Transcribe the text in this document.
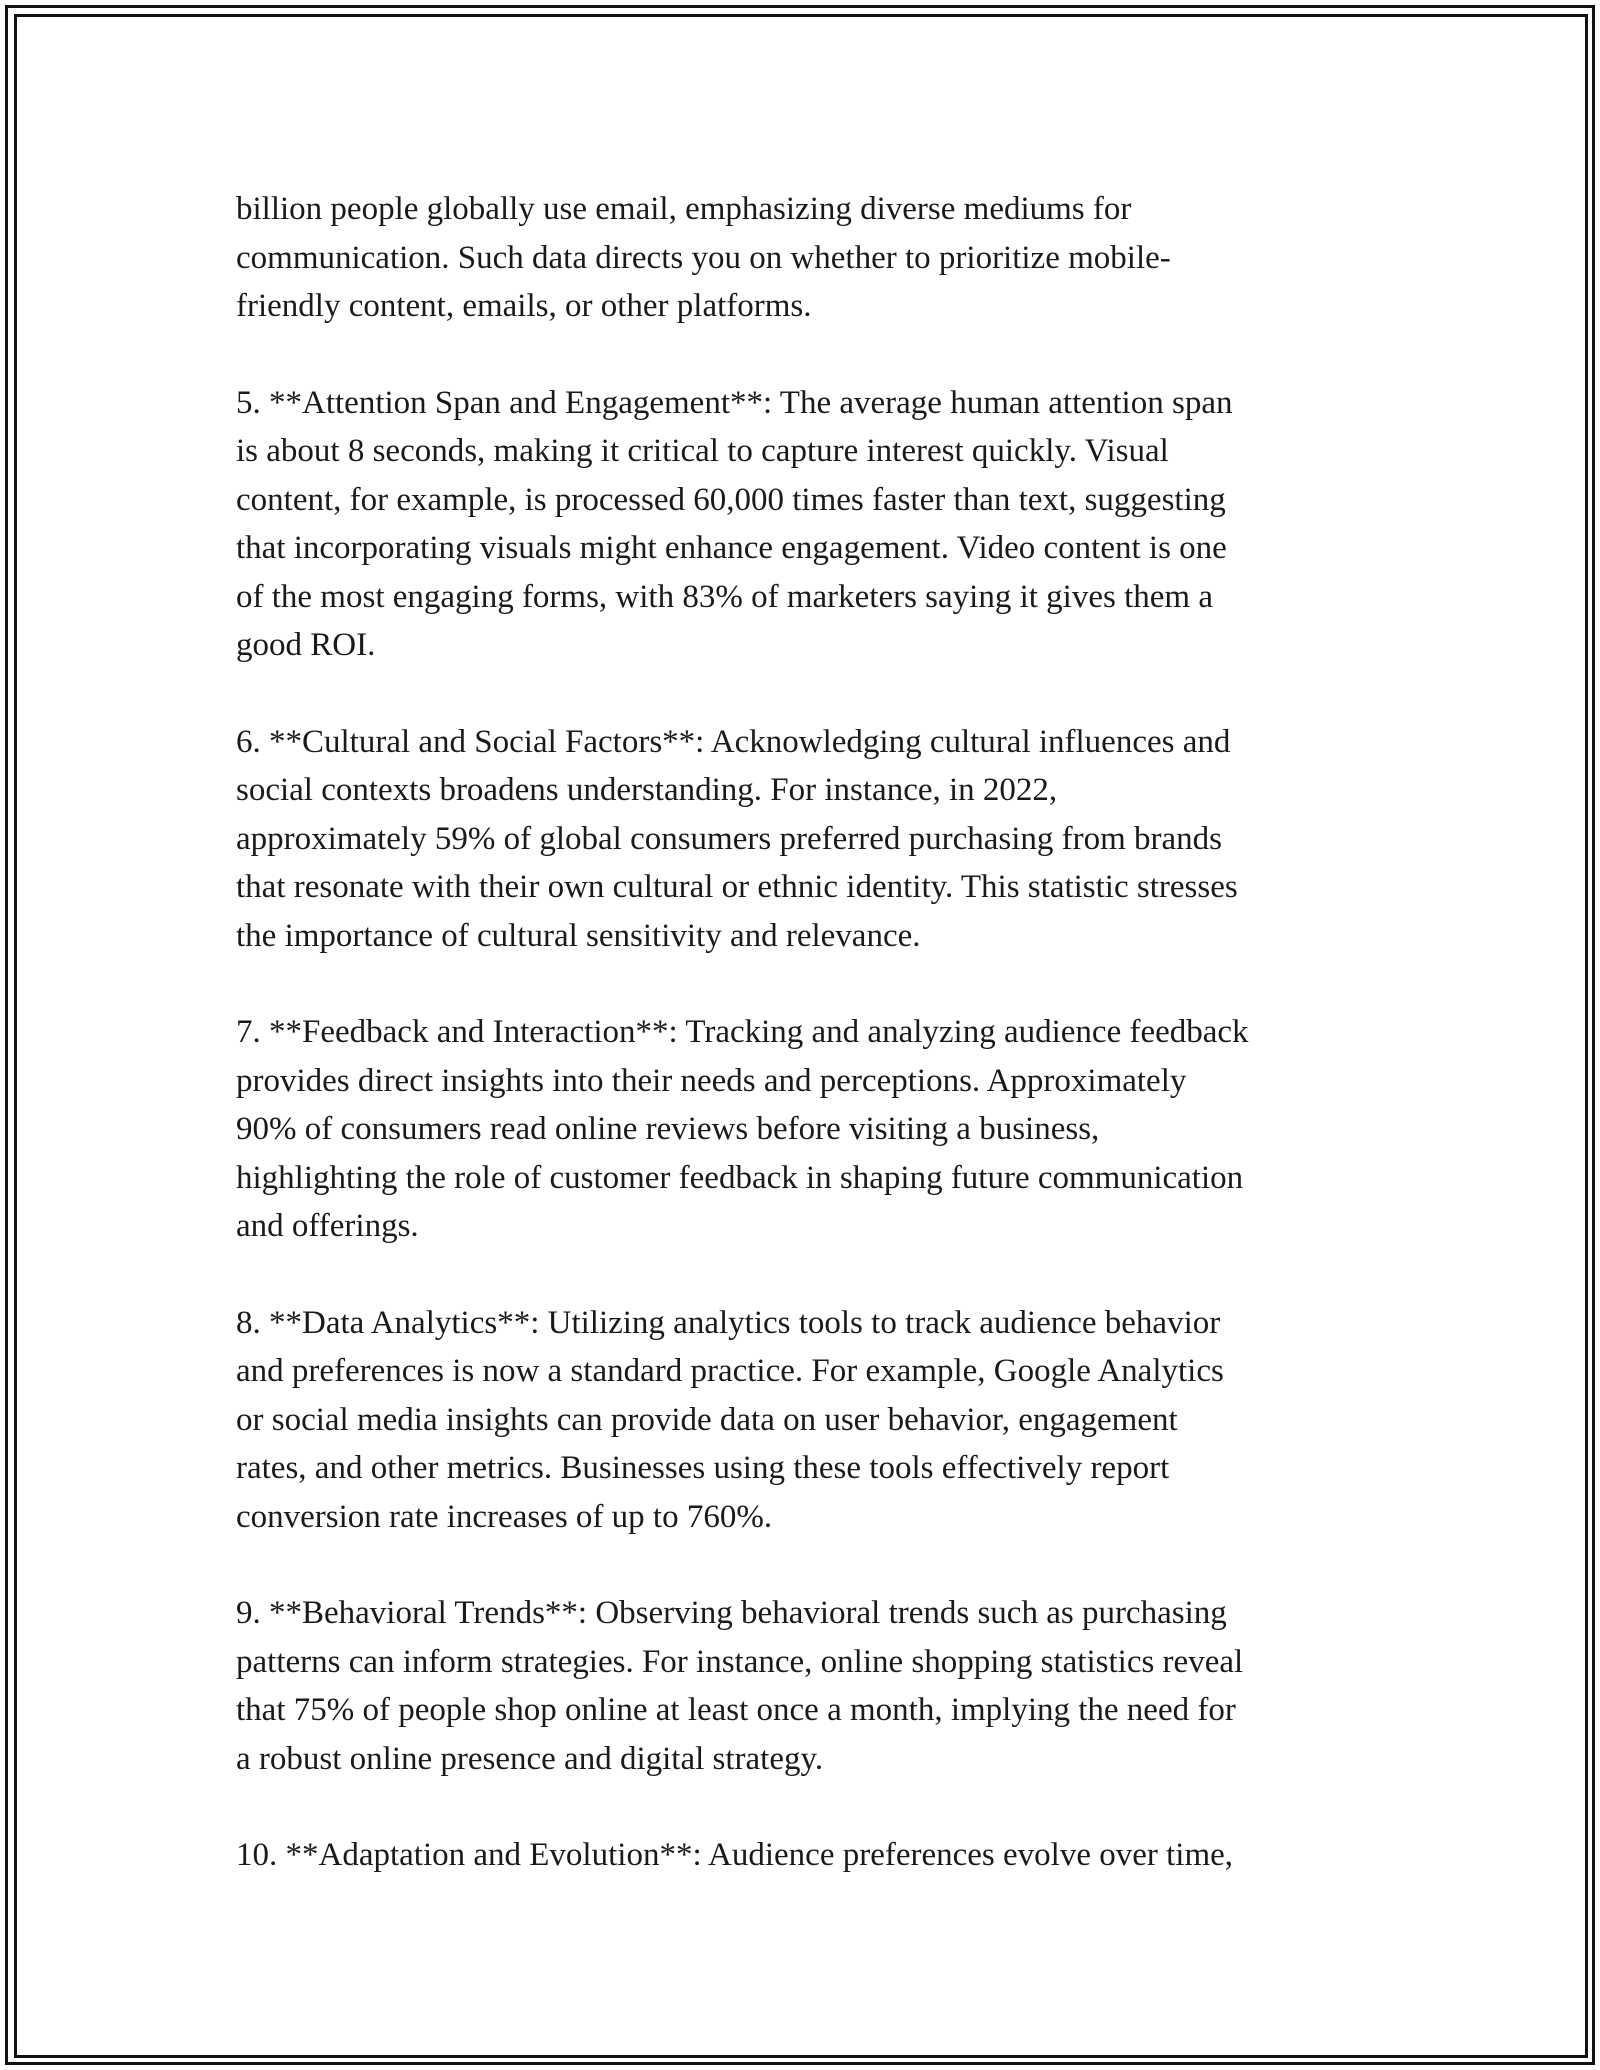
billion people globally use email, emphasizing diverse mediums for
communication. Such data directs you on whether to prioritize mobile-
friendly content, emails, or other platforms.

5. **Attention Span and Engagement**: The average human attention span
is about 8 seconds, making it critical to capture interest quickly. Visual
content, for example, is processed 60,000 times faster than text, suggesting
that incorporating visuals might enhance engagement. Video content is one
of the most engaging forms, with 83% of marketers saying it gives them a
good ROI.

6. **Cultural and Social Factors**: Acknowledging cultural influences and
social contexts broadens understanding. For instance, in 2022,
approximately 59% of global consumers preferred purchasing from brands
that resonate with their own cultural or ethnic identity. This statistic stresses
the importance of cultural sensitivity and relevance.

7. **Feedback and Interaction**: Tracking and analyzing audience feedback
provides direct insights into their needs and perceptions. Approximately
90% of consumers read online reviews before visiting a business,
highlighting the role of customer feedback in shaping future communication
and offerings.

8. **Data Analytics**: Utilizing analytics tools to track audience behavior
and preferences is now a standard practice. For example, Google Analytics
or social media insights can provide data on user behavior, engagement
rates, and other metrics. Businesses using these tools effectively report
conversion rate increases of up to 760%.

9. **Behavioral Trends**: Observing behavioral trends such as purchasing
patterns can inform strategies. For instance, online shopping statistics reveal
that 75% of people shop online at least once a month, implying the need for
a robust online presence and digital strategy.

10. **Adaptation and Evolution**: Audience preferences evolve over time,
